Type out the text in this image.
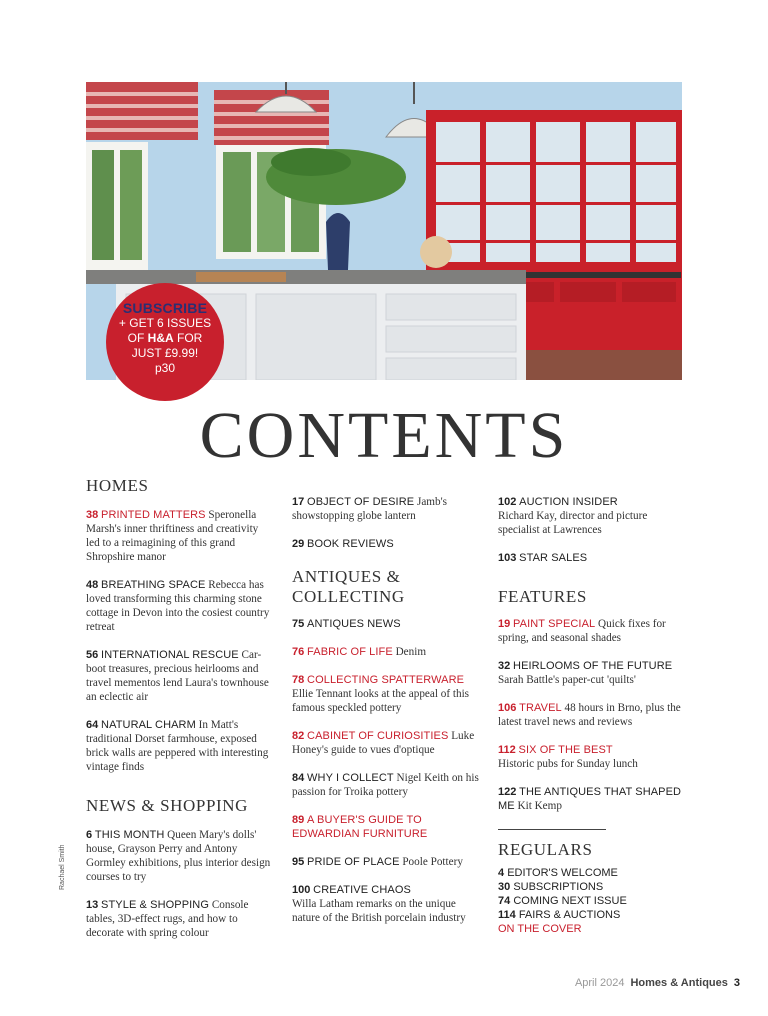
SUBSCRIBE
+ GET 6 ISSUES
OF H&A FOR
JUST £9.99!
p30
CONTENTS
HOMES
38 PRINTED MATTERS Speronella Marsh's inner thriftiness and creativity led to a reimagining of this grand Shropshire manor
48 BREATHING SPACE Rebecca has loved transforming this charming stone cottage in Devon into the cosiest country retreat
56 INTERNATIONAL RESCUE Car-boot treasures, precious heirlooms and travel mementos lend Laura's townhouse an eclectic air
64 NATURAL CHARM In Matt's traditional Dorset farmhouse, exposed brick walls are peppered with interesting vintage finds
NEWS & SHOPPING
6 THIS MONTH Queen Mary's dolls' house, Grayson Perry and Antony Gormley exhibitions, plus interior design courses to try
13 STYLE & SHOPPING Console tables, 3D-effect rugs, and how to decorate with spring colour
17 OBJECT OF DESIRE Jamb's showstopping globe lantern
29 BOOK REVIEWS
ANTIQUES & COLLECTING
75 ANTIQUES NEWS
76 FABRIC OF LIFE Denim
78 COLLECTING SPATTERWARE
Ellie Tennant looks at the appeal of this famous speckled pottery
82 CABINET OF CURIOSITIES Luke Honey's guide to vues d'optique
84 WHY I COLLECT Nigel Keith on his passion for Troika pottery
89 A BUYER'S GUIDE TO EDWARDIAN FURNITURE
95 PRIDE OF PLACE Poole Pottery
100 CREATIVE CHAOS
Willa Latham remarks on the unique nature of the British porcelain industry
102 AUCTION INSIDER
Richard Kay, director and picture specialist at Lawrences
103 STAR SALES
FEATURES
19 PAINT SPECIAL Quick fixes for spring, and seasonal shades
32 HEIRLOOMS OF THE FUTURE
Sarah Battle's paper-cut 'quilts'
106 TRAVEL 48 hours in Brno, plus the latest travel news and reviews
112 SIX OF THE BEST
Historic pubs for Sunday lunch
122 THE ANTIQUES THAT SHAPED ME Kit Kemp
REGULARS
4 EDITOR'S WELCOME
30 SUBSCRIPTIONS
74 COMING NEXT ISSUE
114 FAIRS & AUCTIONS
ON THE COVER
Rachael Smith
April 2024 Homes & Antiques 3
